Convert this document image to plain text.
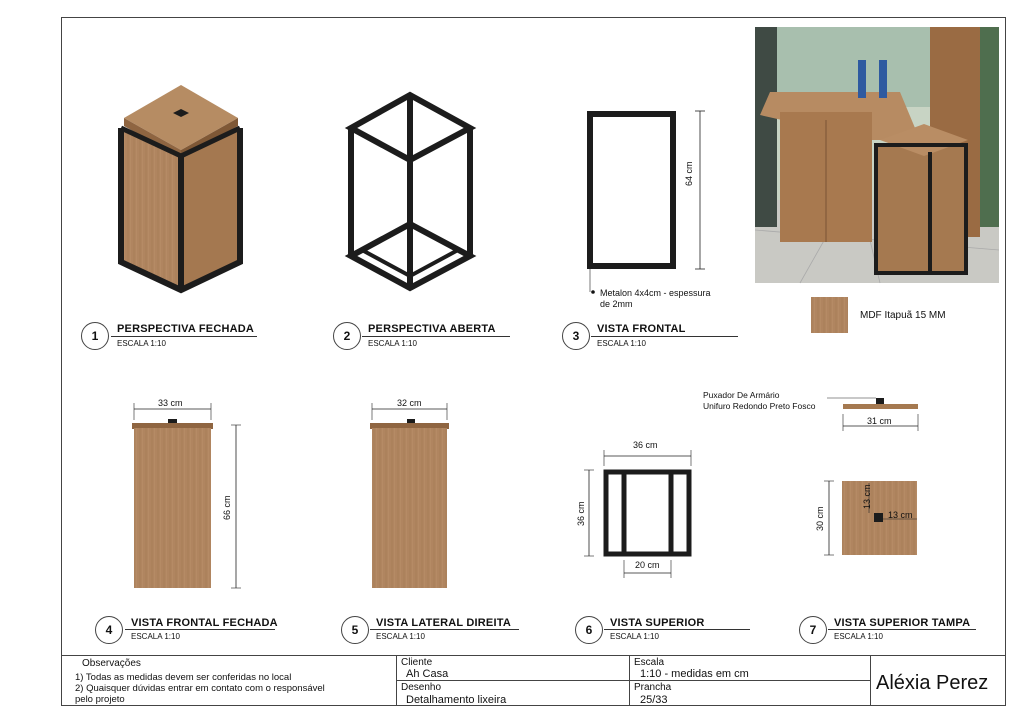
64 cm
Metalon 4x4cm - espessura
de 2mm
MDF Itapuã 15 MM
33 cm
66 cm
32 cm
36 cm
36 cm
20 cm
Puxador De Armário
Unifuro Redondo Preto Fosco
31 cm
30 cm
13 cm
13 cm
1	PERSPECTIVA FECHADA
ESCALA 1:10
2	PERSPECTIVA ABERTA
ESCALA 1:10
3	VISTA FRONTAL
ESCALA 1:10
4	VISTA FRONTAL FECHADA
ESCALA 1:10	5	VISTA LATERAL DIREITA
ESCALA 1:10	6	VISTA SUPERIOR
ESCALA 1:10	7	VISTA SUPERIOR TAMPA
ESCALA 1:10
Observações
1) Todas as medidas devem ser conferidas no local
2) Quaisquer dúvidas entrar em contato com o responsável
pelo projeto
Cliente
Ah Casa
Desenho
Detalhamento lixeira
Escala
1:10 - medidas em cm
Prancha
25/33
Aléxia Perez
